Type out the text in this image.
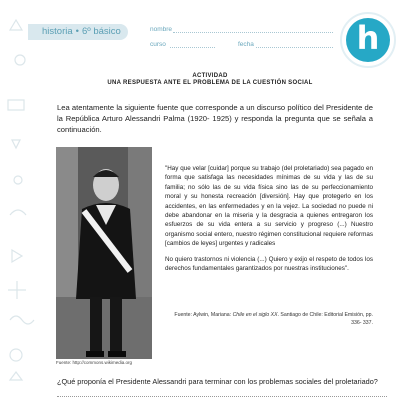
historia • 6º básico	nombre
curso	fecha	h
ACTIVIDAD
UNA RESPUESTA ANTE EL PROBLEMA DE LA CUESTIÓN SOCIAL
Lea atentamente la siguiente fuente que corresponde a un discurso político del Presidente de la República Arturo Alessandri Palma (1920- 1925) y responda la pregunta que se señala a continuación.
Fuente: http://commons.wikimedia.org

"Hay que velar [cuidar] porque su trabajo (del proletariado) sea pagado en forma que satisfaga las necesidades mínimas de su vida y las de su familia; no sólo las de su vida física sino las de su perfeccionamiento moral y su honesta recreación [diversión]. Hay que protegerlo en los accidentes, en las enfermedades y en la vejez. La sociedad no puede ni debe abandonar en la miseria y la desgracia a quienes entregaron los esfuerzos de su vida entera a su servicio y progreso (...) Nuestro organismo social entero, nuestro régimen constitucional requiere reformas [cambios de leyes] urgentes y radicales

No quiero trastornos ni violencia (...) Quiero y exijo el respeto de todos los derechos fundamentales garantizados por nuestras instituciones".

Fuente: Aylwin, Mariana: Chile en el siglo XX. Santiago de Chile: Editorial Emisión, pp. 336- 337.
¿Qué proponía el Presidente Alessandri para terminar con los problemas sociales del proletariado?
